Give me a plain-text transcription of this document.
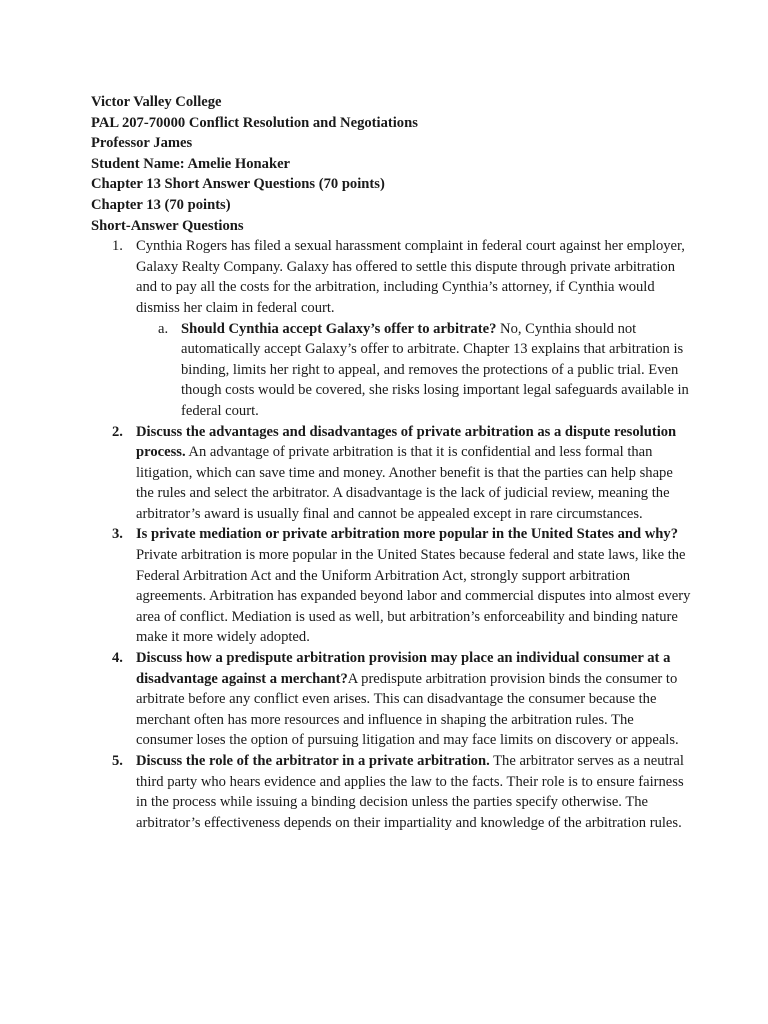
Victor Valley College
PAL 207-70000 Conflict Resolution and Negotiations
Professor James
Student Name: Amelie Honaker
Chapter 13 Short Answer Questions (70 points)
Chapter 13 (70 points)
Short-Answer Questions
1. Cynthia Rogers has filed a sexual harassment complaint in federal court against her employer, Galaxy Realty Company. Galaxy has offered to settle this dispute through private arbitration and to pay all the costs for the arbitration, including Cynthia’s attorney, if Cynthia would dismiss her claim in federal court.

a. Should Cynthia accept Galaxy’s offer to arbitrate? No, Cynthia should not automatically accept Galaxy’s offer to arbitrate. Chapter 13 explains that arbitration is binding, limits her right to appeal, and removes the protections of a public trial. Even though costs would be covered, she risks losing important legal safeguards available in federal court.

2. Discuss the advantages and disadvantages of private arbitration as a dispute resolution process. An advantage of private arbitration is that it is confidential and less formal than litigation, which can save time and money. Another benefit is that the parties can help shape the rules and select the arbitrator. A disadvantage is the lack of judicial review, meaning the arbitrator’s award is usually final and cannot be appealed except in rare circumstances.

3. Is private mediation or private arbitration more popular in the United States and why? Private arbitration is more popular in the United States because federal and state laws, like the Federal Arbitration Act and the Uniform Arbitration Act, strongly support arbitration agreements. Arbitration has expanded beyond labor and commercial disputes into almost every area of conflict. Mediation is used as well, but arbitration’s enforceability and binding nature make it more widely adopted.

4. Discuss how a predispute arbitration provision may place an individual consumer at a disadvantage against a merchant?A predispute arbitration provision binds the consumer to arbitrate before any conflict even arises. This can disadvantage the consumer because the merchant often has more resources and influence in shaping the arbitration rules. The consumer loses the option of pursuing litigation and may face limits on discovery or appeals.

5. Discuss the role of the arbitrator in a private arbitration. The arbitrator serves as a neutral third party who hears evidence and applies the law to the facts. Their role is to ensure fairness in the process while issuing a binding decision unless the parties specify otherwise. The arbitrator’s effectiveness depends on their impartiality and knowledge of the arbitration rules.
